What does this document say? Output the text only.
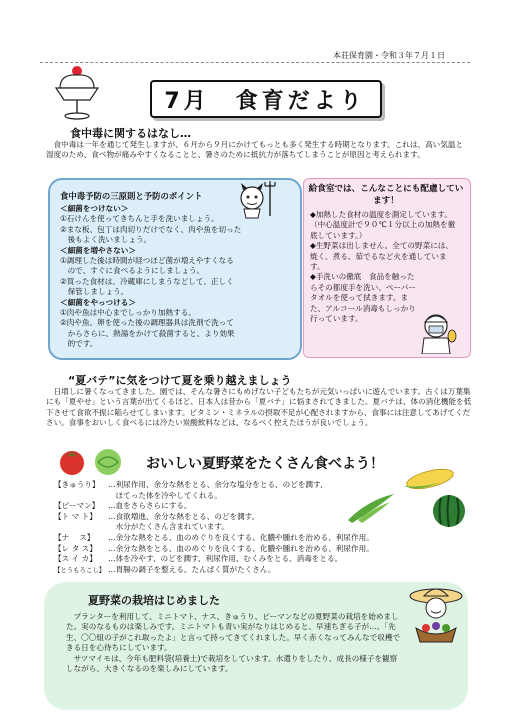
本荘保育園・令和３年７月１日
7月　食育だより
食中毒に関するはなし…
　食中毒は一年を通じて発生しますが、６月から９月にかけてもっとも多く発生する時期となります。これは、高い気温と湿度のため、食べ物が痛みやすくなることと、暑さのために抵抗力が落ちてしまうことが原因と考えられます。
食中毒予防の三原則と予防のポイント
＜細菌をつけない＞
①石けんを使ってきちんと手を洗いましょう。
②まな板、包丁は肉切りだけでなく、肉や魚を切った
　後もよく洗いましょう。
＜細菌を増やさない＞
①調理した後は時間が経つほど菌が増えやすくなる
　ので、すぐに食べるようにしましょう。
②買った食材は、冷蔵庫にしまうなどして、正しく
　保管しましょう。
＜細菌をやっつける＞
①肉や魚は中心までしっかり加熱する。
②肉や魚、卵を使った後の調理器具は洗剤で洗って
　からさらに、熱湯をかけて殺菌すると、より効果
　的です。
給食室では、こんなことにも配慮しています！
◆加熱した食材の温度を測定しています。（中心温度計で９０℃１分以上の加熱を徹底しています。）
◆生野菜は出しません。全ての野菜には、焼く、煮る、茹でるなど火を通しています。
◆手洗いの徹底　食品を触ったらその都度手を洗い、ペーパータオルを使って拭きます。また、アルコール消毒もしっかり行っています。
“夏バテ”に気をつけて夏を乗り越えましょう
　日増しに暑くなってきました。園では、そんな暑さにもめげない子どもたちが元気いっぱいに遊んでいます。古くは万葉集にも「夏やせ」という言葉が出てくるほど、日本人は昔から「夏バテ」に悩まされてきました。夏バテは、体の消化機能を低下させて食欲不振に陥らせてしまいます。ビタミン・ミネラルの摂取不足が心配されますから、食事には注意してあげてください。食事をおいしく食べるには冷たい炭酸飲料などは、なるべく控えたほうが良いでしょう。
おいしい夏野菜をたくさん食べよう！
【きゅうり】	…利尿作用、余分な熱をとる、余分な塩分をとる、のどを潤す、
　ほてった体を冷やしてくれる。
【ピーマン】	…血をさらさらにする。
【ト マ ト】	…食欲増進、余分な熱をとる、のどを潤す。
　水分がたくさん含まれています。
【ナ　 ス】	…余分な熱をとる、血のめぐりを良くする、化膿や腫れを治める、利尿作用。
【レ タ ス】	…余分な熱をとる、血のめぐりを良くする、化膿や腫れを治める、利尿作用。
【ス イ カ】	…体を冷やす、のどを潤す、利尿作用、むくみをとる、消毒をとる。
【とうもろこし】 …胃腸の調子を整える。たんぱく質がたくさん。
夏野菜の栽培はじめました
　プランターを利用して、ミニトマト、ナス、きゅうり、ピーマンなどの夏野菜の栽培を始めました。実のなるものは楽しみです。ミニトマトも青い実がなりはじめると、早速ちぎる子が…。「先生、〇〇組の子がこれ取ったよ」と言って持ってきてくれました。早く赤くなってみんなで収穫できる日を心待ちにしています。
　サツマイモは、今年も肥料袋(培養土)で栽培をしています。水遣りをしたり、成長の様子を観察しながら、大きくなるのを楽しみにしています。
